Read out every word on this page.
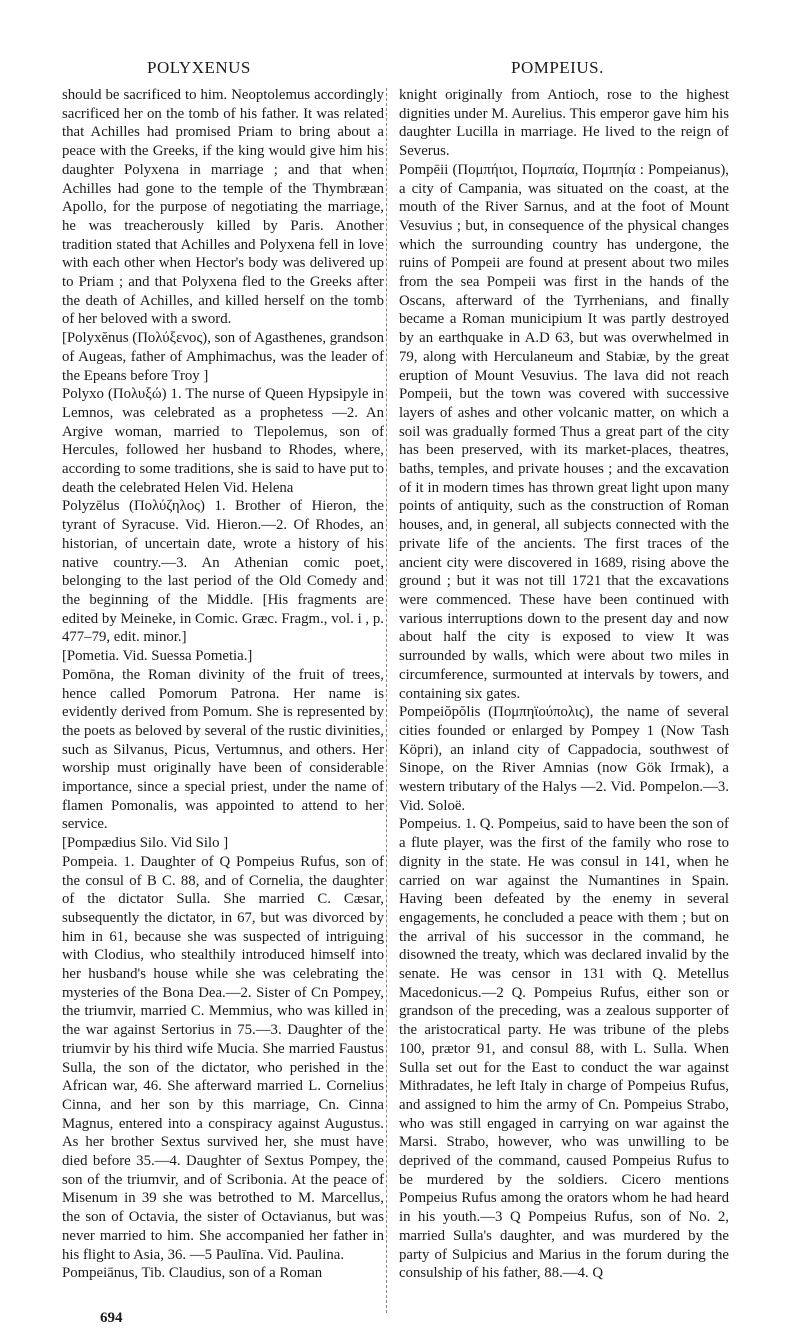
POLYXENUS	POMPEIUS.

should be sacrificed to him. Neoptolemus accordingly sacrificed her on the tomb of his father. It was related that Achilles had promised Priam to bring about a peace with the Greeks, if the king would give him his daughter Polyxena in marriage ; and that when Achilles had gone to the temple of the Thymbræan Apollo, for the purpose of negotiating the marriage, he was treacherously killed by Paris. Another tradition stated that Achilles and Polyxena fell in love with each other when Hector's body was delivered up to Priam ; and that Polyxena fled to the Greeks after the death of Achilles, and killed herself on the tomb of her beloved with a sword.

[Polyxĕnus (Πολύξενος), son of Agasthenes, grandson of Augeas, father of Amphimachus, was the leader of the Epeans before Troy ]

Polyxo (Πολυξώ) 1. The nurse of Queen Hypsipyle in Lemnos, was celebrated as a prophetess —2. An Argive woman, married to Tlepolemus, son of Hercules, followed her husband to Rhodes, where, according to some traditions, she is said to have put to death the celebrated Helen Vid. Helena

Polyzēlus (Πολύζηλος) 1. Brother of Hieron, the tyrant of Syracuse. Vid. Hieron.—2. Of Rhodes, an historian, of uncertain date, wrote a history of his native country.—3. An Athenian comic poet, belonging to the last period of the Old Comedy and the beginning of the Middle. [His fragments are edited by Meineke, in Comic. Græc. Fragm., vol. i , p. 477–79, edit. minor.]

[Pometia. Vid. Suessa Pometia.]

Pomōna, the Roman divinity of the fruit of trees, hence called Pomorum Patrona. Her name is evidently derived from Pomum. She is represented by the poets as beloved by several of the rustic divinities, such as Silvanus, Picus, Vertumnus, and others. Her worship must originally have been of considerable importance, since a special priest, under the name of flamen Pomonalis, was appointed to attend to her service.

[Pompædius Silo. Vid Silo ]

Pompeia. 1. Daughter of Q Pompeius Rufus, son of the consul of B C. 88, and of Cornelia, the daughter of the dictator Sulla. She married C. Cæsar, subsequently the dictator, in 67, but was divorced by him in 61, because she was suspected of intriguing with Clodius, who stealthily introduced himself into her husband's house while she was celebrating the mysteries of the Bona Dea.—2. Sister of Cn Pompey, the triumvir, married C. Memmius, who was killed in the war against Sertorius in 75.—3. Daughter of the triumvir by his third wife Mucia. She married Faustus Sulla, the son of the dictator, who perished in the African war, 46. She afterward married L. Cornelius Cinna, and her son by this marriage, Cn. Cinna Magnus, entered into a conspiracy against Augustus. As her brother Sextus survived her, she must have died before 35.—4. Daughter of Sextus Pompey, the son of the triumvir, and of Scribonia. At the peace of Misenum in 39 she was betrothed to M. Marcellus, the son of Octavia, the sister of Octavianus, but was never married to him. She accompanied her father in his flight to Asia, 36. —5 Paulīna. Vid. Paulina.

Pompeiānus, Tib. Claudius, son of a Roman

knight originally from Antioch, rose to the highest dignities under M. Aurelius. This emperor gave him his daughter Lucilla in marriage. He lived to the reign of Severus.

Pompēii (Πομπήιοι, Πομπαία, Πομπηία : Pompeianus), a city of Campania, was situated on the coast, at the mouth of the River Sarnus, and at the foot of Mount Vesuvius ; but, in consequence of the physical changes which the surrounding country has undergone, the ruins of Pompeii are found at present about two miles from the sea Pompeii was first in the hands of the Oscans, afterward of the Tyrrhenians, and finally became a Roman municipium It was partly destroyed by an earthquake in A.D 63, but was overwhelmed in 79, along with Herculaneum and Stabiæ, by the great eruption of Mount Vesuvius. The lava did not reach Pompeii, but the town was covered with successive layers of ashes and other volcanic matter, on which a soil was gradually formed Thus a great part of the city has been preserved, with its market-places, theatres, baths, temples, and private houses ; and the excavation of it in modern times has thrown great light upon many points of antiquity, such as the construction of Roman houses, and, in general, all subjects connected with the private life of the ancients. The first traces of the ancient city were discovered in 1689, rising above the ground ; but it was not till 1721 that the excavations were commenced. These have been continued with various interruptions down to the present day and now about half the city is exposed to view It was surrounded by walls, which were about two miles in circumference, surmounted at intervals by towers, and containing six gates.

Pompeiŏpŏlis (Πομπηϊούπολις), the name of several cities founded or enlarged by Pompey 1 (Now Tash Köpri), an inland city of Cappadocia, southwest of Sinope, on the River Amnias (now Gök Irmak), a western tributary of the Halys —2. Vid. Pompelon.—3. Vid. Soloë.

Pompeius. 1. Q. Pompeius, said to have been the son of a flute player, was the first of the family who rose to dignity in the state. He was consul in 141, when he carried on war against the Numantines in Spain. Having been defeated by the enemy in several engagements, he concluded a peace with them ; but on the arrival of his successor in the command, he disowned the treaty, which was declared invalid by the senate. He was censor in 131 with Q. Metellus Macedonicus.—2 Q. Pompeius Rufus, either son or grandson of the preceding, was a zealous supporter of the aristocratical party. He was tribune of the plebs 100, prætor 91, and consul 88, with L. Sulla. When Sulla set out for the East to conduct the war against Mithradates, he left Italy in charge of Pompeius Rufus, and assigned to him the army of Cn. Pompeius Strabo, who was still engaged in carrying on war against the Marsi. Strabo, however, who was unwilling to be deprived of the command, caused Pompeius Rufus to be murdered by the soldiers. Cicero mentions Pompeius Rufus among the orators whom he had heard in his youth.—3 Q Pompeius Rufus, son of No. 2, married Sulla's daughter, and was murdered by the party of Sulpicius and Marius in the forum during the consulship of his father, 88.—4. Q

694
